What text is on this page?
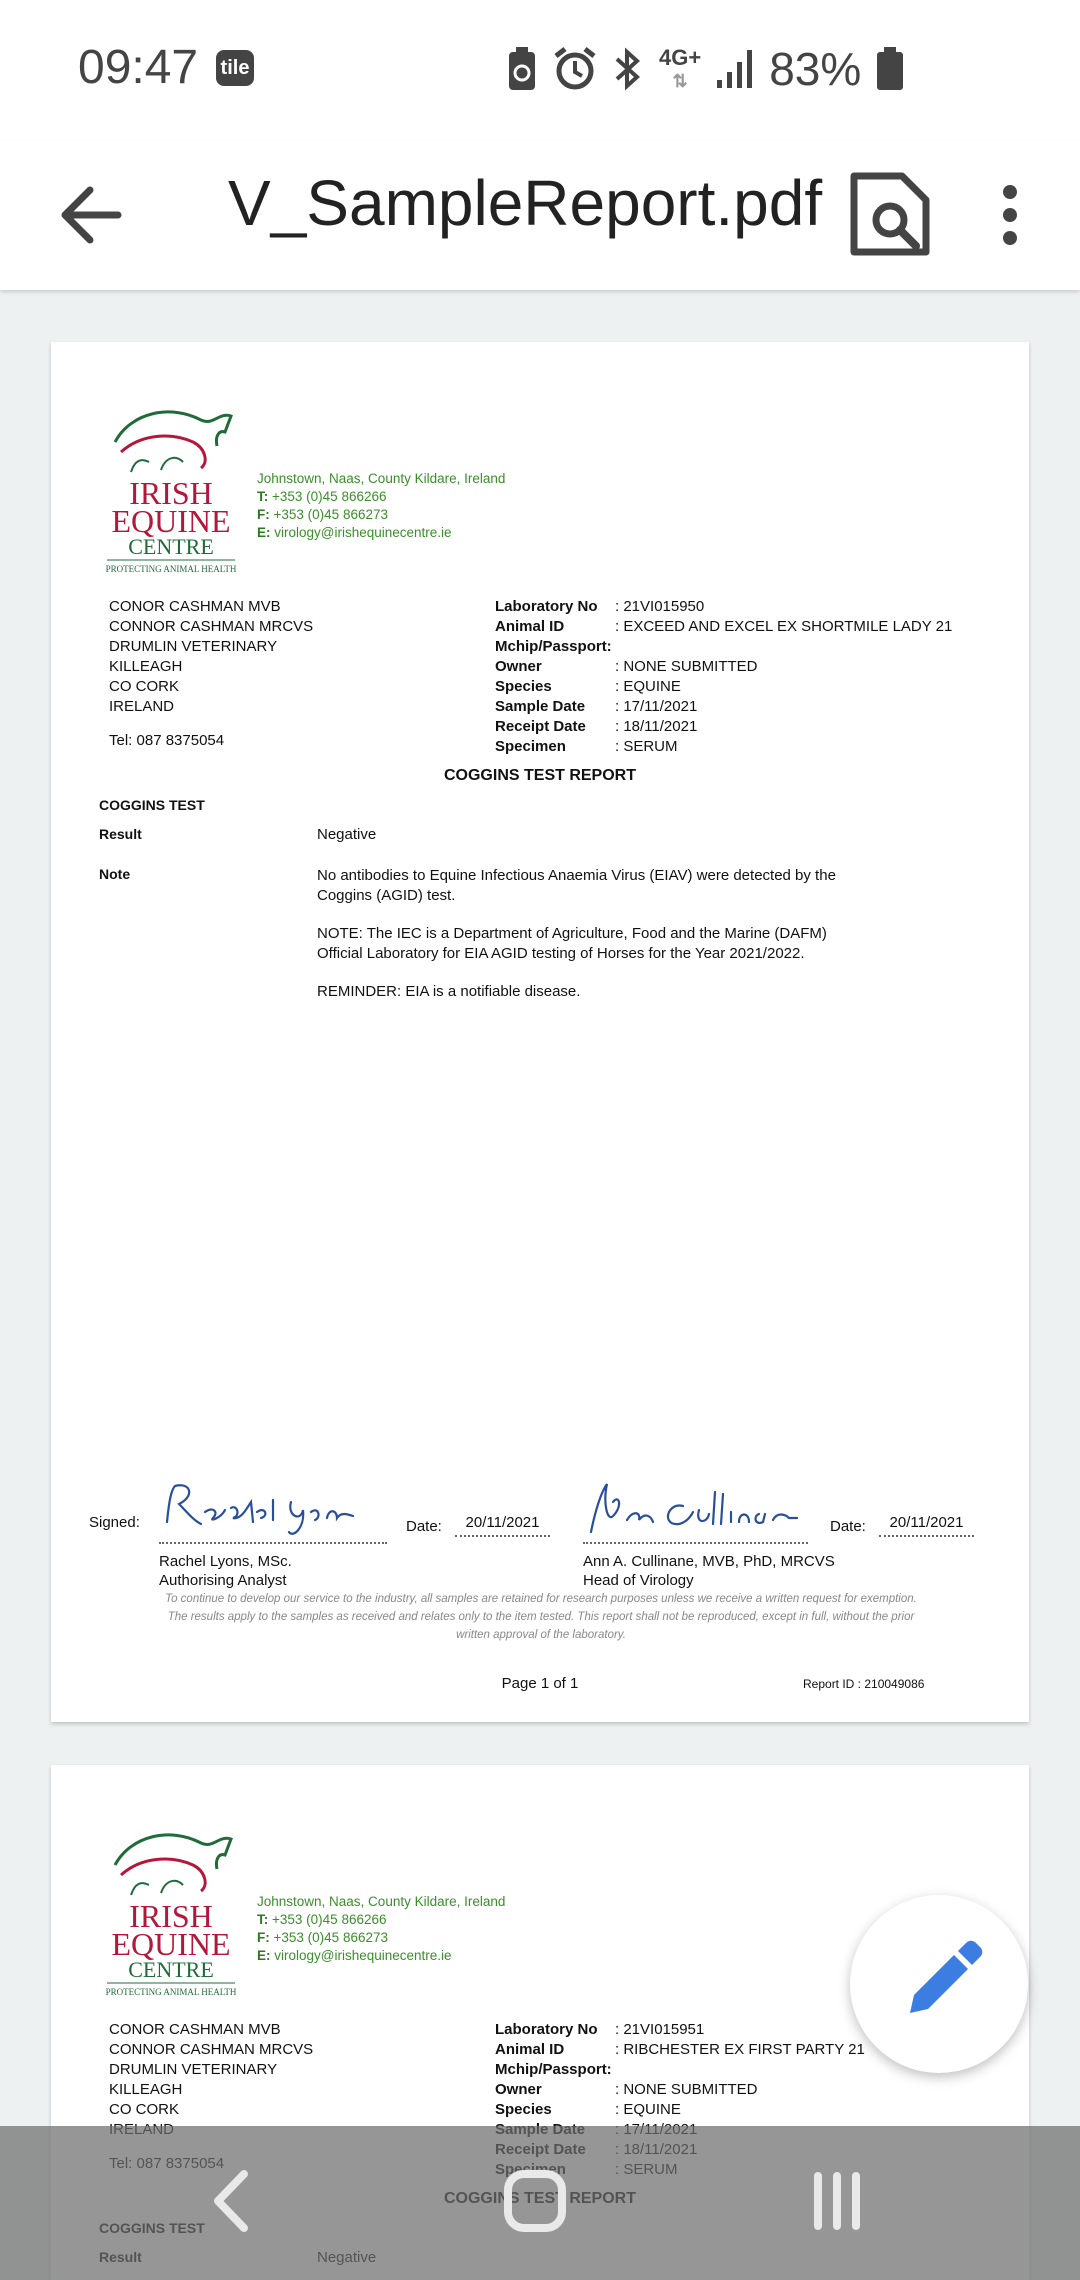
09:47 tile	4G+
⇅ 83%
V_SampleReport.pdf
IRISH
EQUINE
CENTRE
PROTECTING ANIMAL HEALTH
Johnstown, Naas, County Kildare, Ireland
T: +353 (0)45 866266
F: +353 (0)45 866273
E: virology@irishequinecentre.ie
CONOR CASHMAN MVB
CONNOR CASHMAN MRCVS
DRUMLIN VETERINARY
KILLEAGH
CO CORK
IRELAND
Tel: 087 8375054
Laboratory No	: 21VI015950
Animal ID	: EXCEED AND EXCEL EX SHORTMILE LADY 21
Mchip/Passport:
Owner	: NONE SUBMITTED
Species	: EQUINE
Sample Date	: 17/11/2021
Receipt Date	: 18/11/2021
Specimen	: SERUM
COGGINS TEST REPORT
COGGINS TEST
Result	Negative
Note	No antibodies to Equine Infectious Anaemia Virus (EIAV) were detected by the Coggins (AGID) test.

NOTE: The IEC is a Department of Agriculture, Food and the Marine (DAFM) Official Laboratory for EIA AGID testing of Horses for the Year 2021/2022.

REMINDER: EIA is a notifiable disease.

Signed:	Date:	20/11/2021	Date:	20/11/2021
Rachel Lyons, MSc.
Authorising Analyst
Ann A. Cullinane, MVB, PhD, MRCVS
Head of Virology
To continue to develop our service to the industry, all samples are retained for research purposes unless we receive a written request for exemption.
The results apply to the samples as received and relates only to the item tested. This report shall not be reproduced, except in full, without the prior
written approval of the laboratory.
Page 1 of 1	Report ID : 210049086
IRISH
EQUINE
CENTRE
PROTECTING ANIMAL HEALTH
Johnstown, Naas, County Kildare, Ireland
T: +353 (0)45 866266
F: +353 (0)45 866273
E: virology@irishequinecentre.ie
CONOR CASHMAN MVB
CONNOR CASHMAN MRCVS
DRUMLIN VETERINARY
KILLEAGH
CO CORK
Laboratory No	: 21VI015951
Animal ID	: RIBCHESTER EX FIRST PARTY 21
Mchip/Passport:
Owner	: NONE SUBMITTED
Species	: EQUINE
